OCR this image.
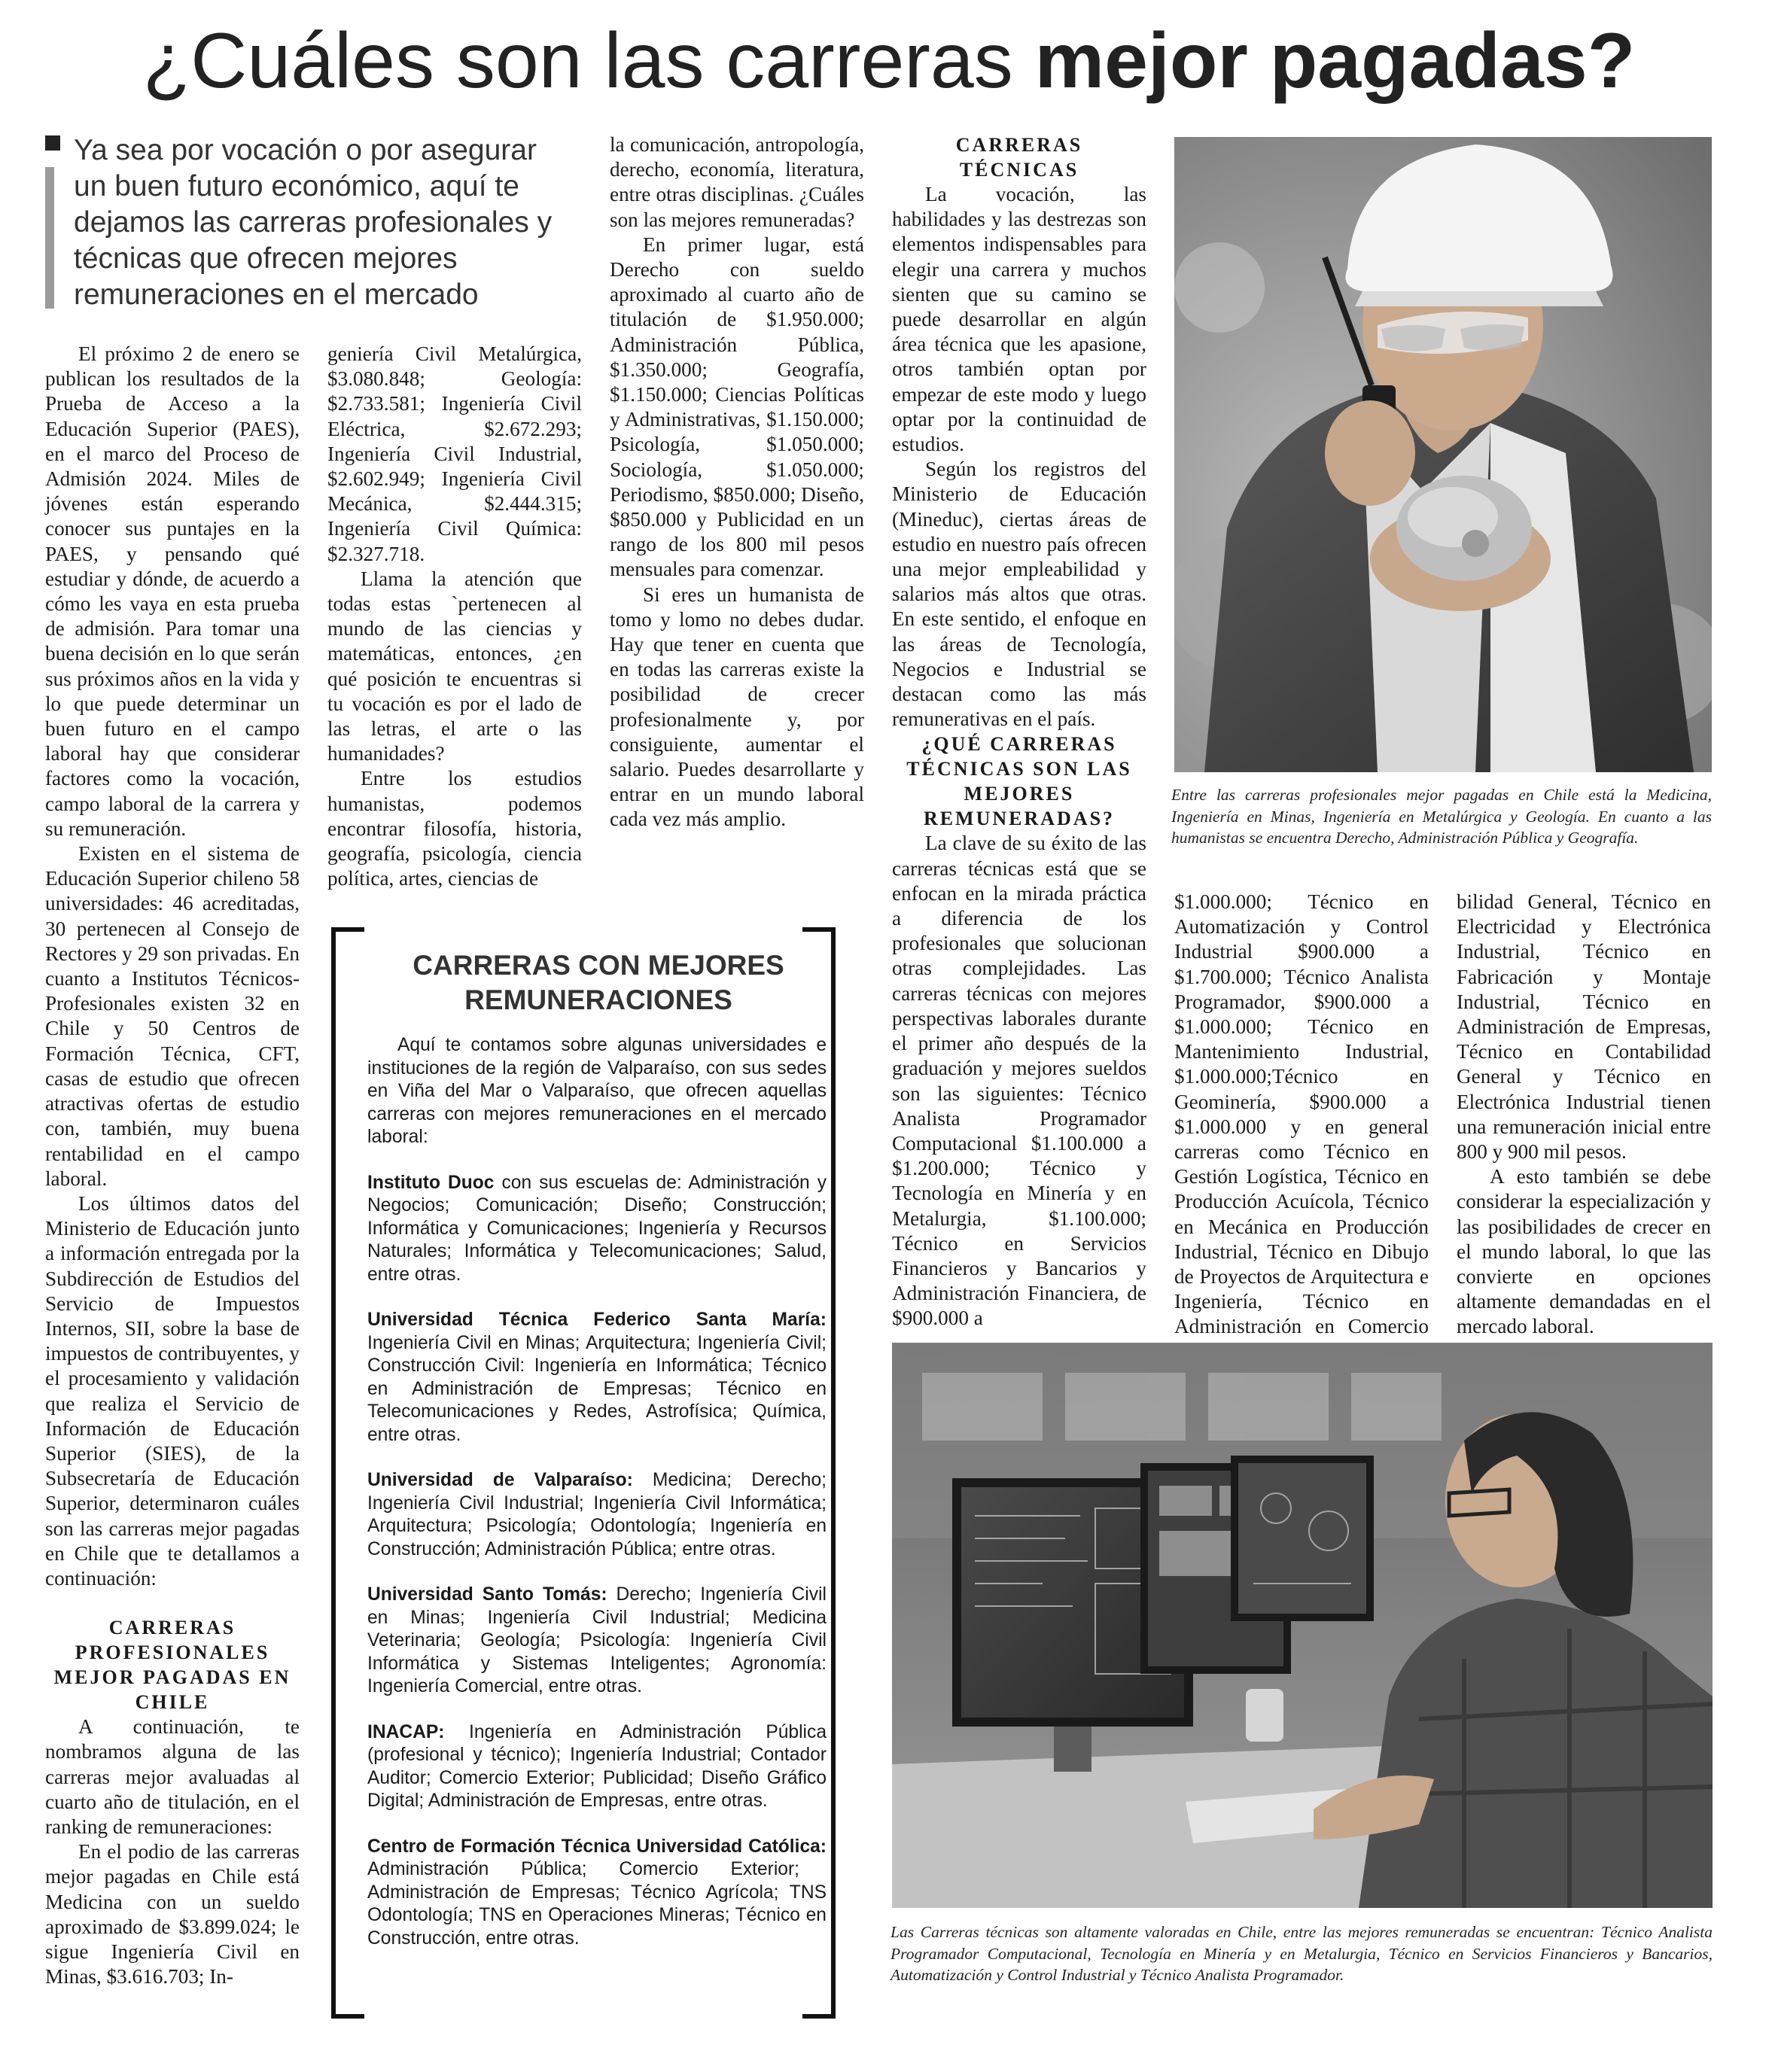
¿Cuáles son las carreras mejor pagadas?
Ya sea por vocación o por asegurar un buen futuro económico, aquí te dejamos las carreras profesionales y técnicas que ofrecen mejores remuneraciones en el mercado

El próximo 2 de enero se publican los resultados de la Prueba de Acceso a la Educación Superior (PAES), en el marco del Proceso de Admisión 2024. Miles de jóvenes están esperando conocer sus puntajes en la PAES, y pensando qué estudiar y dónde, de acuerdo a cómo les vaya en esta prueba de admisión. Para tomar una buena decisión en lo que serán sus próximos años en la vida y lo que puede determinar un buen futuro en el campo laboral hay que considerar factores como la vocación, campo laboral de la carrera y su remuneración.

Existen en el sistema de Educación Superior chileno 58 universidades: 46 acreditadas, 30 pertenecen al Consejo de Rectores y 29 son privadas. En cuanto a Institutos Técnicos- Profesionales existen 32 en Chile y 50 Centros de Formación Técnica, CFT, casas de estudio que ofrecen atractivas ofertas de estudio con, también, muy buena rentabilidad en el campo laboral.

Los últimos datos del Ministerio de Educación junto a información entregada por la Subdirección de Estudios del Servicio de Impuestos Internos, SII, sobre la base de impuestos de contribuyentes, y el procesamiento y validación que realiza el Servicio de Información de Educación Superior (SIES), de la Subsecretaría de Educación Superior, determinaron cuáles son las carreras mejor pagadas en Chile que te detallamos a continuación:

CARRERAS PROFESIONALES MEJOR PAGADAS EN CHILE

A continuación, te nombramos alguna de las carreras mejor avaluadas al cuarto año de titulación, en el ranking de remuneraciones:

En el podio de las carreras mejor pagadas en Chile está Medicina con un sueldo aproximado de $3.899.024; le sigue Ingeniería Civil en Minas, $3.616.703; In-

geniería Civil Metalúrgica, $3.080.848; Geología: $2.733.581; Ingeniería Civil Eléctrica, $2.672.293; Ingeniería Civil Industrial, $2.602.949; Ingeniería Civil Mecánica, $2.444.315; Ingeniería Civil Química: $2.327.718.

Llama la atención que todas estas `pertenecen al mundo de las ciencias y matemáticas, entonces, ¿en qué posición te encuentras si tu vocación es por el lado de las letras, el arte o las humanidades?

Entre los estudios humanistas, podemos encontrar filosofía, historia, geografía, psicología, ciencia política, artes, ciencias de

la comunicación, antropología, derecho, economía, literatura, entre otras disciplinas. ¿Cuáles son las mejores remuneradas?

En primer lugar, está Derecho con sueldo aproximado al cuarto año de titulación de $1.950.000; Administración Pública, $1.350.000; Geografía, $1.150.000; Ciencias Políticas y Administrativas, $1.150.000; Psicología, $1.050.000; Sociología, $1.050.000; Periodismo, $850.000; Diseño, $850.000 y Publicidad en un rango de los 800 mil pesos mensuales para comenzar.

Si eres un humanista de tomo y lomo no debes dudar. Hay que tener en cuenta que en todas las carreras existe la posibilidad de crecer profesionalmente y, por consiguiente, aumentar el salario. Puedes desarrollarte y entrar en un mundo laboral cada vez más amplio.

CARRERAS TÉCNICAS

La vocación, las habilidades y las destrezas son elementos indispensables para elegir una carrera y muchos sienten que su camino se puede desarrollar en algún área técnica que les apasione, otros también optan por empezar de este modo y luego optar por la continuidad de estudios.

Según los registros del Ministerio de Educación (Mineduc), ciertas áreas de estudio en nuestro país ofrecen una mejor empleabilidad y salarios más altos que otras. En este sentido, el enfoque en las áreas de Tecnología, Negocios e Industrial se destacan como las más remunerativas en el país.

¿QUÉ CARRERAS TÉCNICAS SON LAS MEJORES REMUNERADAS?

La clave de su éxito de las carreras técnicas está que se enfocan en la mirada práctica a diferencia de los profesionales que solucionan otras complejidades. Las carreras técnicas con mejores perspectivas laborales durante el primer año después de la graduación y mejores sueldos son las siguientes: Técnico Analista Programador Computacional $1.100.000 a $1.200.000; Técnico y Tecnología en Minería y en Metalurgia, $1.100.000; Técnico en Servicios Financieros y Bancarios y Administración Financiera, de $900.000 a

$1.000.000; Técnico en Automatización y Control Industrial $900.000 a $1.700.000; Técnico Analista Programador, $900.000 a $1.000.000; Técnico en Mantenimiento Industrial, $1.000.000;Técnico en Geominería, $900.000 a $1.000.000 y en general carreras como Técnico en Gestión Logística, Técnico en Producción Acuícola, Técnico en Mecánica en Producción Industrial, Técnico en Dibujo de Proyectos de Arquitectura e Ingeniería, Técnico en Administración en Comercio

bilidad General, Técnico en Electricidad y Electrónica Industrial, Técnico en Fabricación y Montaje Industrial, Técnico en Administración de Empresas, Técnico en Contabilidad General y Técnico en Electrónica Industrial tienen una remuneración inicial entre 800 y 900 mil pesos.

A esto también se debe considerar la especialización y las posibilidades de crecer en el mundo laboral, lo que las convierte en opciones altamente demandadas en el mercado laboral.

Entre las carreras profesionales mejor pagadas en Chile está la Medicina, Ingeniería en Minas, Ingeniería en Metalúrgica y Geología. En cuanto a las humanistas se encuentra Derecho, Administración Pública y Geografía.
Las Carreras técnicas son altamente valoradas en Chile, entre las mejores remuneradas se encuentran: Técnico Analista Programador Computacional, Tecnología en Minería y en Metalurgia, Técnico en Servicios Financieros y Bancarios, Automatización y Control Industrial y Técnico Analista Programador.
CARRERAS CON MEJORES REMUNERACIONES

Aquí te contamos sobre algunas universidades e instituciones de la región de Valparaíso, con sus sedes en Viña del Mar o Valparaíso, que ofrecen aquellas carreras con mejores remuneraciones en el mercado laboral:

Instituto Duoc con sus escuelas de: Administración y Negocios; Comunicación; Diseño; Construcción; Informática y Comunicaciones; Ingeniería y Recursos Naturales; Informática y Telecomunicaciones; Salud, entre otras.

Universidad Técnica Federico Santa María: Ingeniería Civil en Minas; Arquitectura; Ingeniería Civil; Construcción Civil: Ingeniería en Informática; Técnico en Administración de Empresas; Técnico en Telecomunicaciones y Redes, Astrofísica; Química, entre otras.

Universidad de Valparaíso: Medicina; Derecho; Ingeniería Civil Industrial; Ingeniería Civil Informática; Arquitectura; Psicología; Odontología; Ingeniería en Construcción; Administración Pública; entre otras.

Universidad Santo Tomás: Derecho; Ingeniería Civil en Minas; Ingeniería Civil Industrial; Medicina Veterinaria; Geología; Psicología: Ingeniería Civil Informática y Sistemas Inteligentes; Agronomía: Ingeniería Comercial, entre otras.

INACAP: Ingeniería en Administración Pública (profesional y técnico); Ingeniería Industrial; Contador Auditor; Comercio Exterior; Publicidad; Diseño Gráfico Digital; Administración de Empresas, entre otras.

Centro de Formación Técnica Universidad Católica: Administración Pública; Comercio Exterior; Administración de Empresas; Técnico Agrícola; TNS Odontología; TNS en Operaciones Mineras; Técnico en Construcción, entre otras.
